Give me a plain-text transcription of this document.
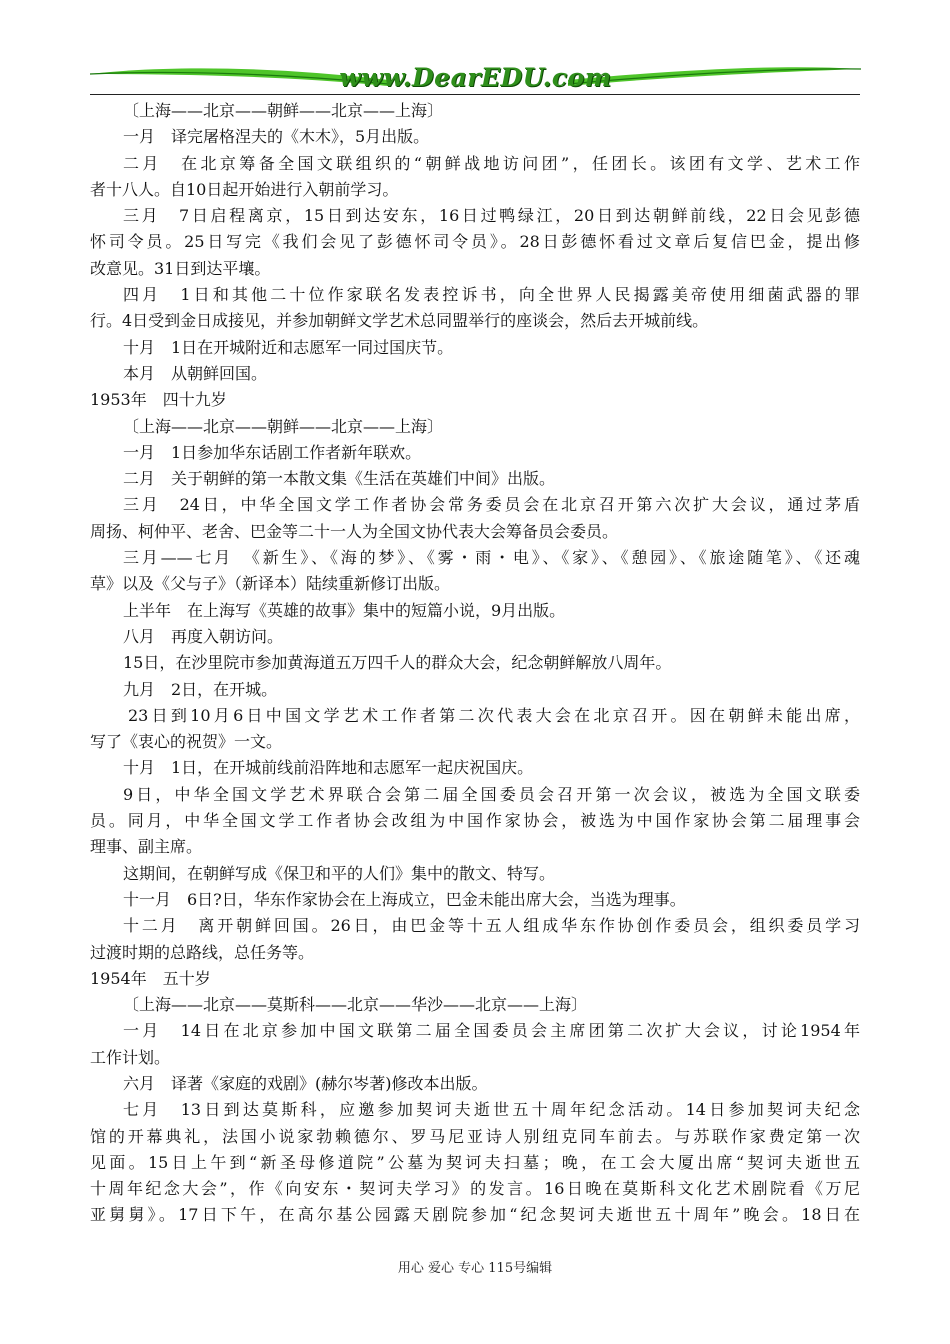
www.DearEDU.com
〔上海——北京——朝鲜——北京——上海〕
一月　译完屠格涅夫的《木木》，5月出版。
二月　在北京筹备全国文联组织的“朝鲜战地访问团”，任团长。该团有文学、艺术工作
者十八人。自10日起开始进行入朝前学习。
三月　7日启程离京，15日到达安东，16日过鸭绿江，20日到达朝鲜前线，22日会见彭德
怀司令员。25日写完《我们会见了彭德怀司令员》。28日彭德怀看过文章后复信巴金，提出修
改意见。31日到达平壤。
四月　1日和其他二十位作家联名发表控诉书，向全世界人民揭露美帝使用细菌武器的罪
行。4日受到金日成接见，并参加朝鲜文学艺术总同盟举行的座谈会，然后去开城前线。
十月　1日在开城附近和志愿军一同过国庆节。
本月　从朝鲜回国。
1953年　四十九岁
〔上海——北京——朝鲜——北京——上海〕
一月　1日参加华东话剧工作者新年联欢。
二月　关于朝鲜的第一本散文集《生活在英雄们中间》出版。
三月　24日，中华全国文学工作者协会常务委员会在北京召开第六次扩大会议，通过茅盾
周扬、柯仲平、老舍、巴金等二十一人为全国文协代表大会筹备员会委员。
三月——七月　《新生》、《海的梦》、《雾・雨・电》、《家》、《憩园》、《旅途随笔》、《还魂
草》以及《父与子》（新译本）陆续重新修订出版。
上半年　在上海写《英雄的故事》集中的短篇小说，9月出版。
八月　再度入朝访问。
15日，在沙里院市参加黄海道五万四千人的群众大会，纪念朝鲜解放八周年。
九月　2日，在开城。
23日到10月6日中国文学艺术工作者第二次代表大会在北京召开。因在朝鲜未能出席，
写了《衷心的祝贺》一文。
十月　1日，在开城前线前沿阵地和志愿军一起庆祝国庆。
9日，中华全国文学艺术界联合会第二届全国委员会召开第一次会议，被选为全国文联委
员。同月，中华全国文学工作者协会改组为中国作家协会，被选为中国作家协会第二届理事会
理事、副主席。
这期间，在朝鲜写成《保卫和平的人们》集中的散文、特写。
十一月　6日?日，华东作家协会在上海成立，巴金未能出席大会，当选为理事。
十二月　离开朝鲜回国。26日，由巴金等十五人组成华东作协创作委员会，组织委员学习
过渡时期的总路线，总任务等。
1954年　五十岁
〔上海——北京——莫斯科——北京——华沙——北京——上海〕
一月　14日在北京参加中国文联第二届全国委员会主席团第二次扩大会议，讨论1954年
工作计划。
六月　译著《家庭的戏剧》(赫尔岑著)修改本出版。
七月　13日到达莫斯科，应邀参加契诃夫逝世五十周年纪念活动。14日参加契诃夫纪念
馆的开幕典礼，法国小说家勃赖德尔、罗马尼亚诗人别纽克同车前去。与苏联作家费定第一次
见面。15日上午到“新圣母修道院”公墓为契诃夫扫墓；晚，在工会大厦出席“契诃夫逝世五
十周年纪念大会”，作《向安东・契诃夫学习》的发言。16日晚在莫斯科文化艺术剧院看《万尼
亚舅舅》。17日下午，在高尔基公园露天剧院参加“纪念契诃夫逝世五十周年”晚会。18日在
用心 爱心 专心 115号编辑
